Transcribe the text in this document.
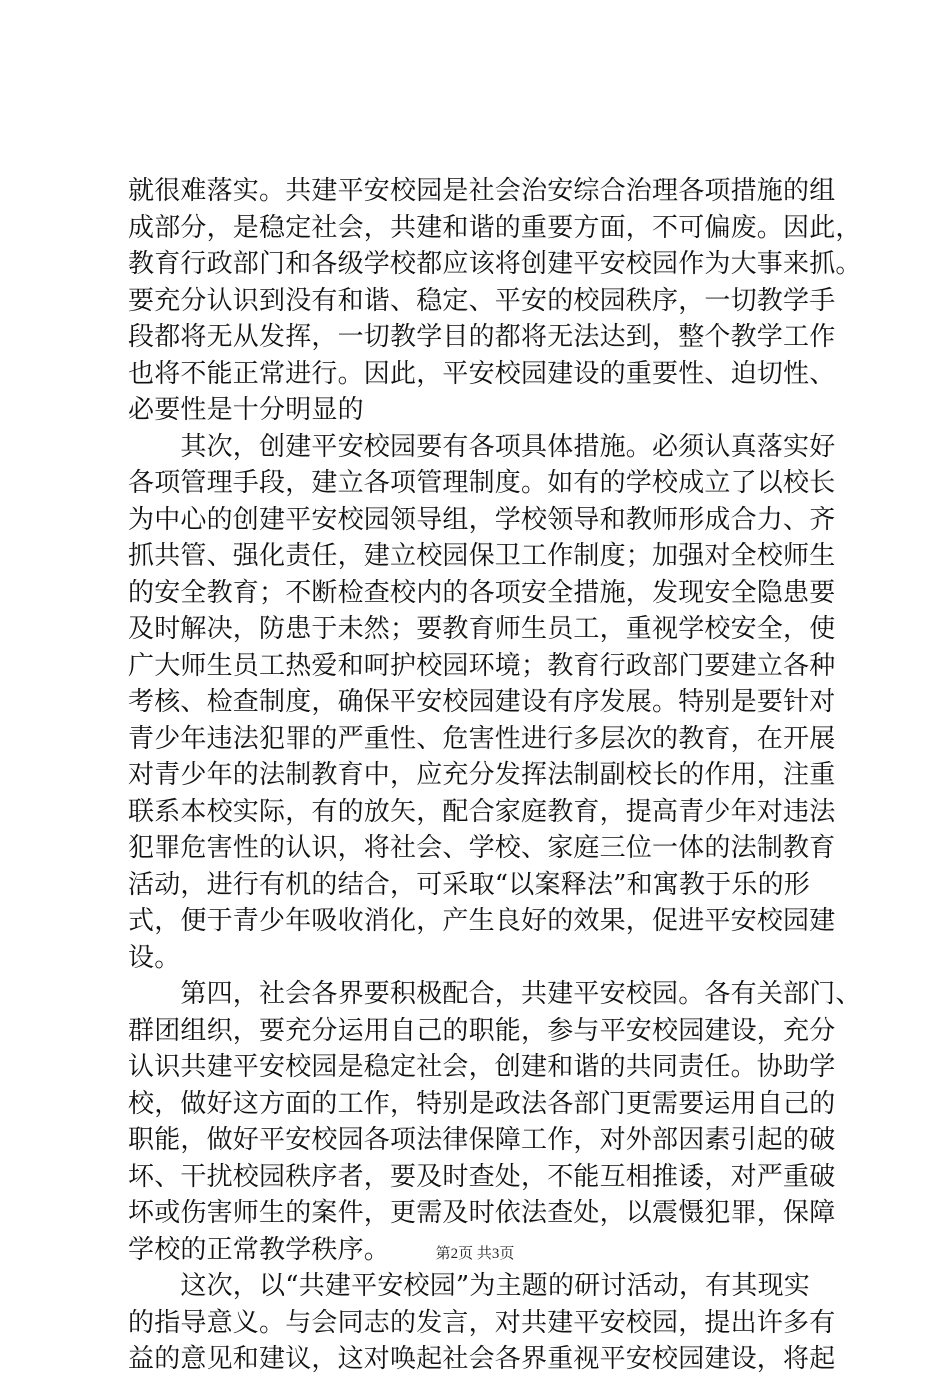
就很难落实。共建平安校园是社会治安综合治理各项措施的组
成部分，是稳定社会，共建和谐的重要方面，不可偏废。因此，
教育行政部门和各级学校都应该将创建平安校园作为大事来抓。
要充分认识到没有和谐、稳定、平安的校园秩序，一切教学手
段都将无从发挥，一切教学目的都将无法达到，整个教学工作
也将不能正常进行。因此，平安校园建设的重要性、迫切性、
必要性是十分明显的
　　其次，创建平安校园要有各项具体措施。必须认真落实好
各项管理手段，建立各项管理制度。如有的学校成立了以校长
为中心的创建平安校园领导组，学校领导和教师形成合力、齐
抓共管、强化责任，建立校园保卫工作制度；加强对全校师生
的安全教育；不断检查校内的各项安全措施，发现安全隐患要
及时解决，防患于未然；要教育师生员工，重视学校安全，使
广大师生员工热爱和呵护校园环境；教育行政部门要建立各种
考核、检查制度，确保平安校园建设有序发展。特别是要针对
青少年违法犯罪的严重性、危害性进行多层次的教育，在开展
对青少年的法制教育中，应充分发挥法制副校长的作用，注重
联系本校实际，有的放矢，配合家庭教育，提高青少年对违法
犯罪危害性的认识，将社会、学校、家庭三位一体的法制教育
活动，进行有机的结合，可采取“以案释法”和寓教于乐的形
式，便于青少年吸收消化，产生良好的效果，促进平安校园建
设。
　　第四，社会各界要积极配合，共建平安校园。各有关部门、
群团组织，要充分运用自己的职能，参与平安校园建设，充分
认识共建平安校园是稳定社会，创建和谐的共同责任。协助学
校，做好这方面的工作，特别是政法各部门更需要运用自己的
职能，做好平安校园各项法律保障工作，对外部因素引起的破
坏、干扰校园秩序者，要及时查处，不能互相推诿，对严重破
坏或伤害师生的案件，更需及时依法查处，以震慑犯罪，保障
学校的正常教学秩序。
　　这次，以“共建平安校园”为主题的研讨活动，有其现实
的指导意义。与会同志的发言，对共建平安校园，提出许多有
益的意见和建议，这对唤起社会各界重视平安校园建设，将起
第2页 共3页
